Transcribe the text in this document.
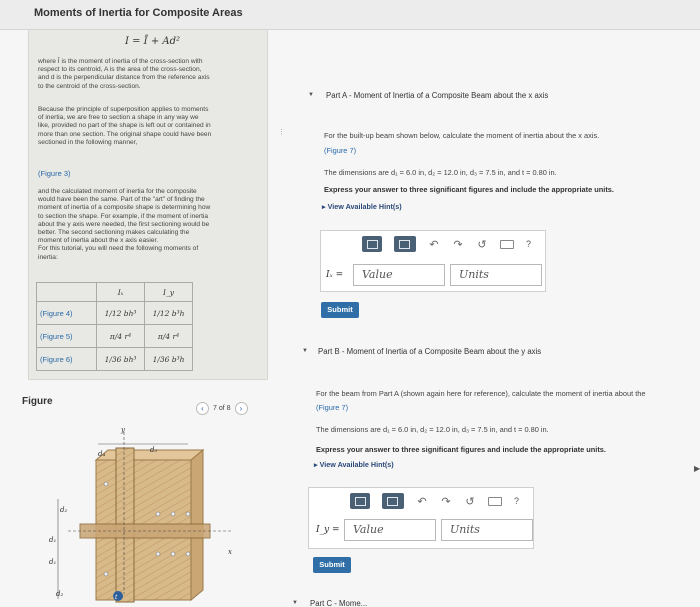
Moments of Inertia for Composite Areas
I = Ī + Ad²
where Ī is the moment of inertia of the cross-section with
respect to its centroid, A is the area of the cross-section,
and d is the perpendicular distance from the reference axis
to the centroid of the cross-section.
Because the principle of superposition applies to moments
of inertia, we are free to section a shape in any way we
like, provided no part of the shape is left out or contained in
more than one section. The original shape could have been
sectioned in the following manner,
(Figure 3)
and the calculated moment of inertia for the composite
would have been the same. Part of the "art" of finding the
moment of inertia of a composite shape is determining how
to section the shape. For example, if the moment of inertia
about the y axis were needed, the first sectioning would be
better. The second sectioning makes calculating the
moment of inertia about the x axis easier.
For this tutorial, you will need the following moments of
inertia:
	Iₓ	I_y
(Figure 4)	1/12 bh³	1/12 b³h
(Figure 5)	π/4 r⁴	π/4 r⁴
(Figure 6)	1/36 bh³	1/36 b³h
Figure
‹	7 of 8	›
d₄	d₃
d₂
d₁
d₁
d₂	t
y
x
▼ Part A - Moment of Inertia of a Composite Beam about the x axis
⋮	For the built-up beam shown below, calculate the moment of inertia about the x axis.
(Figure 7)
The dimensions are d₁ = 6.0 in, d₂ = 12.0 in, d₃ = 7.5 in, and t = 0.80 in.
Express your answer to three significant figures and include the appropriate units.
▸ View Available Hint(s)
↶ ↷ ↺	?
Iₓ =	Value	Units
Submit
▼ Part B - Moment of Inertia of a Composite Beam about the y axis
For the beam from Part A (shown again here for reference), calculate the moment of inertia about the
(Figure 7)
The dimensions are d₁ = 6.0 in, d₂ = 12.0 in, d₃ = 7.5 in, and t = 0.80 in.
Express your answer to three significant figures and include the appropriate units.
▸ View Available Hint(s)
↶ ↷ ↺	?
I_y =	Value	Units
Submit
▼ Part C - Mome...
▶
